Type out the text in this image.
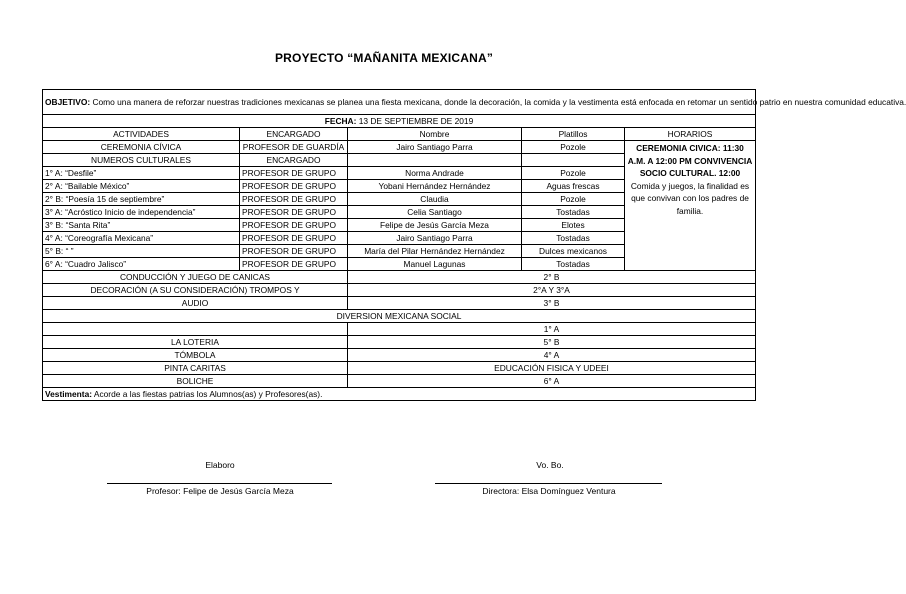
PROYECTO “MAÑANITA MEXICANA”
OBJETIVO: Como una manera de reforzar nuestras tradiciones mexicanas se planea una fiesta mexicana, donde la decoración, la comida y la vestimenta está enfocada en retomar un sentido patrio en nuestra comunidad educativa.				
FECHA: 13 DE SEPTIEMBRE DE 2019				
ACTIVIDADES	ENCARGADO	Nombre	Platillos	HORARIOS
CEREMONIA CÍVICA	PROFESOR DE GUARDÍA	Jairo Santiago Parra	Pozole	CEREMONIA CIVICA: 11:30 A.M. A 12:00 PM CONVIVENCIA SOCIO CULTURAL. 12:00
Comida y juegos, la finalidad es que convivan con los padres de familia.
NUMEROS CULTURALES	ENCARGADO			
1° A: “Desfile”	PROFESOR DE GRUPO	Norma Andrade	Pozole	
2° A: “Bailable México”	PROFESOR DE GRUPO	Yobani Hernández Hernández	Aguas frescas	
2° B: “Poesía 15 de septiembre”	PROFESOR DE GRUPO	Claudia	Pozole	
3° A: “Acróstico Inicio de independencia”	PROFESOR DE GRUPO	Celia Santiago	Tostadas	
3° B: “Santa Rita”	PROFESOR DE GRUPO	Felipe de Jesús García Meza	Elotes	
4° A: “Coreografía Mexicana”	PROFESOR DE GRUPO	Jairo Santiago Parra	Tostadas	
5° B: “ ”	PROFESOR DE GRUPO	María del Pilar Hernández Hernández	Dulces mexicanos	
6° A: “Cuadro Jalisco”	PROFESOR DE GRUPO	Manuel Lagunas	Tostadas	
CONDUCCIÓN Y JUEGO DE CANICAS		2° B		
DECORACIÓN (A SU CONSIDERACIÓN) TROMPOS Y		2°A Y 3°A		
AUDIO		3° B		
DIVERSION MEXICANA SOCIAL				
		1° A		
LA LOTERIA		5° B		
TÓMBOLA		4° A		
PINTA CARITAS		EDUCACIÓN FISICA Y UDEEI		
BOLICHE		6° A		
Vestimenta: Acorde a las fiestas patrias los Alumnos(as) y Profesores(as).				
Elaboro
Profesor: Felipe de Jesús García Meza
Vo. Bo.
Directora: Elsa Domínguez Ventura
